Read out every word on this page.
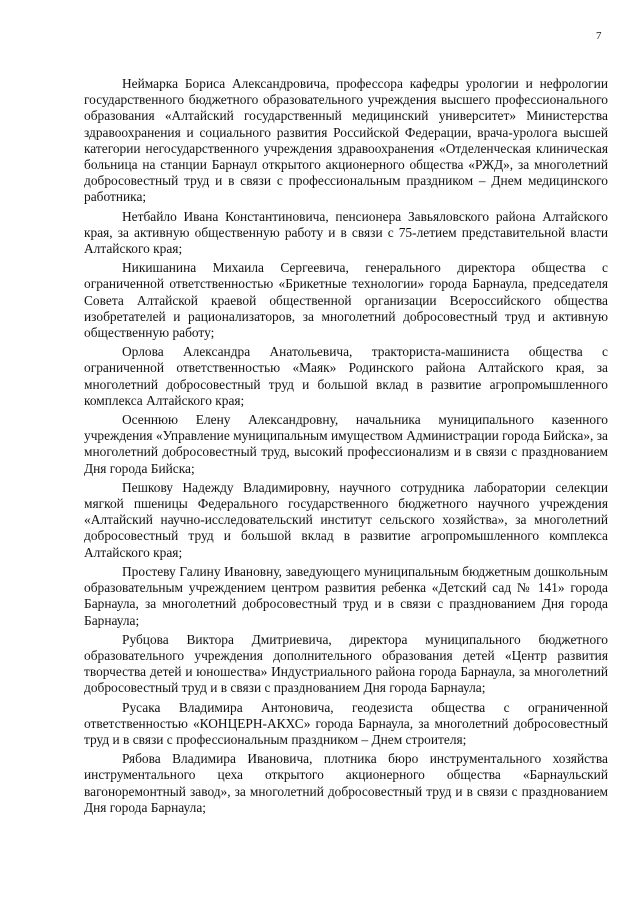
7

Неймарка Бориса Александровича, профессора кафедры урологии и нефрологии государственного бюджетного образовательного учреждения высшего профессионального образования «Алтайский государственный медицинский университет» Министерства здравоохранения и социального развития Российской Федерации, врача-уролога высшей категории негосударственного учреждения здравоохранения «Отделенческая клиническая больница на станции Барнаул открытого акционерного общества «РЖД», за многолетний добросовестный труд и в связи с профессиональным праздником – Днем медицинского работника;

Нетбайло Ивана Константиновича, пенсионера Завьяловского района Алтайского края, за активную общественную работу и в связи с 75-летием представительной власти Алтайского края;

Никишанина Михаила Сергеевича, генерального директора общества с ограниченной ответственностью «Брикетные технологии» города Барнаула, председателя Совета Алтайской краевой общественной организации Всероссийского общества изобретателей и рационализаторов, за многолетний добросовестный труд и активную общественную работу;

Орлова Александра Анатольевича, тракториста-машиниста общества с ограниченной ответственностью «Маяк» Родинского района Алтайского края, за многолетний добросовестный труд и большой вклад в развитие агропромышленного комплекса Алтайского края;

Осеннюю Елену Александровну, начальника муниципального казенного учреждения «Управление муниципальным имуществом Администрации города Бийска», за многолетний добросовестный труд, высокий профессионализм и в связи с празднованием Дня города Бийска;

Пешкову Надежду Владимировну, научного сотрудника лаборатории селекции мягкой пшеницы Федерального государственного бюджетного научного учреждения «Алтайский научно-исследовательский институт сельского хозяйства», за многолетний добросовестный труд и большой вклад в развитие агропромышленного комплекса Алтайского края;

Простеву Галину Ивановну, заведующего муниципальным бюджетным дошкольным образовательным учреждением центром развития ребенка «Детский сад № 141» города Барнаула, за многолетний добросовестный труд и в связи с празднованием Дня города Барнаула;

Рубцова Виктора Дмитриевича, директора муниципального бюджетного образовательного учреждения дополнительного образования детей «Центр развития творчества детей и юношества» Индустриального района города Барнаула, за многолетний добросовестный труд и в связи с празднованием Дня города Барнаула;

Русака Владимира Антоновича, геодезиста общества с ограниченной ответственностью «КОНЦЕРН-АКХС» города Барнаула, за многолетний добросовестный труд и в связи с профессиональным праздником – Днем строителя;

Рябова Владимира Ивановича, плотника бюро инструментального хозяйства инструментального цеха открытого акционерного общества «Барнаульский вагоноремонтный завод», за многолетний добросовестный труд и в связи с празднованием Дня города Барнаула;
